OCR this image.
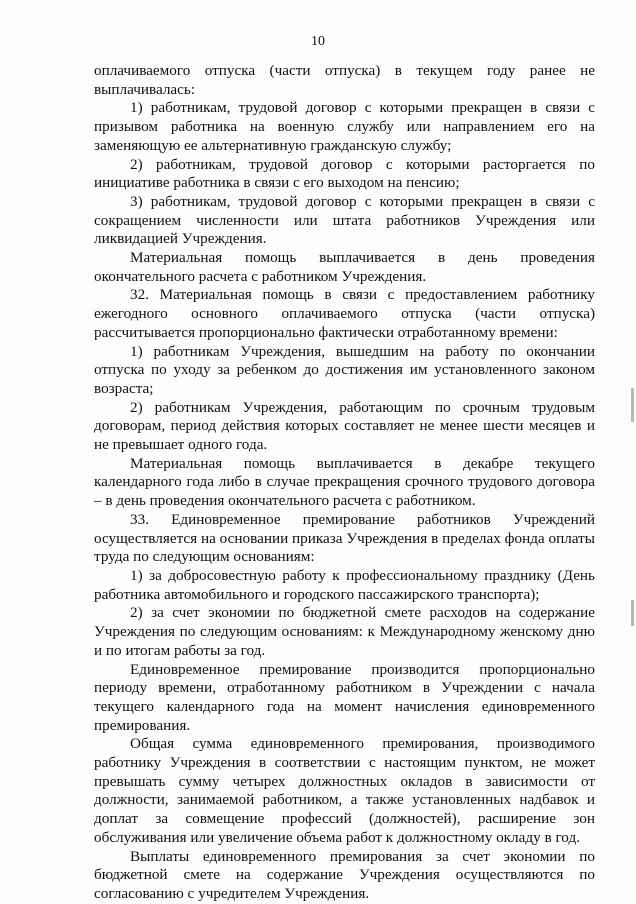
10

оплачиваемого отпуска (части отпуска) в текущем году ранее не выплачивалась:

1) работникам, трудовой договор с которыми прекращен в связи с призывом работника на военную службу или направлением его на заменяющую ее альтернативную гражданскую службу;

2) работникам, трудовой договор с которыми расторгается по инициативе работника в связи с его выходом на пенсию;

3) работникам, трудовой договор с которыми прекращен в связи с сокращением численности или штата работников Учреждения или ликвидацией Учреждения.

Материальная помощь выплачивается в день проведения окончательного расчета с работником Учреждения.

32. Материальная помощь в связи с предоставлением работнику ежегодного основного оплачиваемого отпуска (части отпуска) рассчитывается пропорционально фактически отработанному времени:

1) работникам Учреждения, вышедшим на работу по окончании отпуска по уходу за ребенком до достижения им установленного законом возраста;

2) работникам Учреждения, работающим по срочным трудовым договорам, период действия которых составляет не менее шести месяцев и не превышает одного года.

Материальная помощь выплачивается в декабре текущего календарного года либо в случае прекращения срочного трудового договора – в день проведения окончательного расчета с работником.

33. Единовременное премирование работников Учреждений осуществляется на основании приказа Учреждения в пределах фонда оплаты труда по следующим основаниям:

1) за добросовестную работу к профессиональному празднику (День работника автомобильного и городского пассажирского транспорта);

2) за счет экономии по бюджетной смете расходов на содержание Учреждения по следующим основаниям: к Международному женскому дню и по итогам работы за год.

Единовременное премирование производится пропорционально периоду времени, отработанному работником в Учреждении с начала текущего календарного года на момент начисления единовременного премирования.

Общая сумма единовременного премирования, производимого работнику Учреждения в соответствии с настоящим пунктом, не может превышать сумму четырех должностных окладов в зависимости от должности, занимаемой работником, а также установленных надбавок и доплат за совмещение профессий (должностей), расширение зон обслуживания или увеличение объема работ к должностному окладу в год.

Выплаты единовременного премирования за счет экономии по бюджетной смете на содержание Учреждения осуществляются по согласованию с учредителем Учреждения.
